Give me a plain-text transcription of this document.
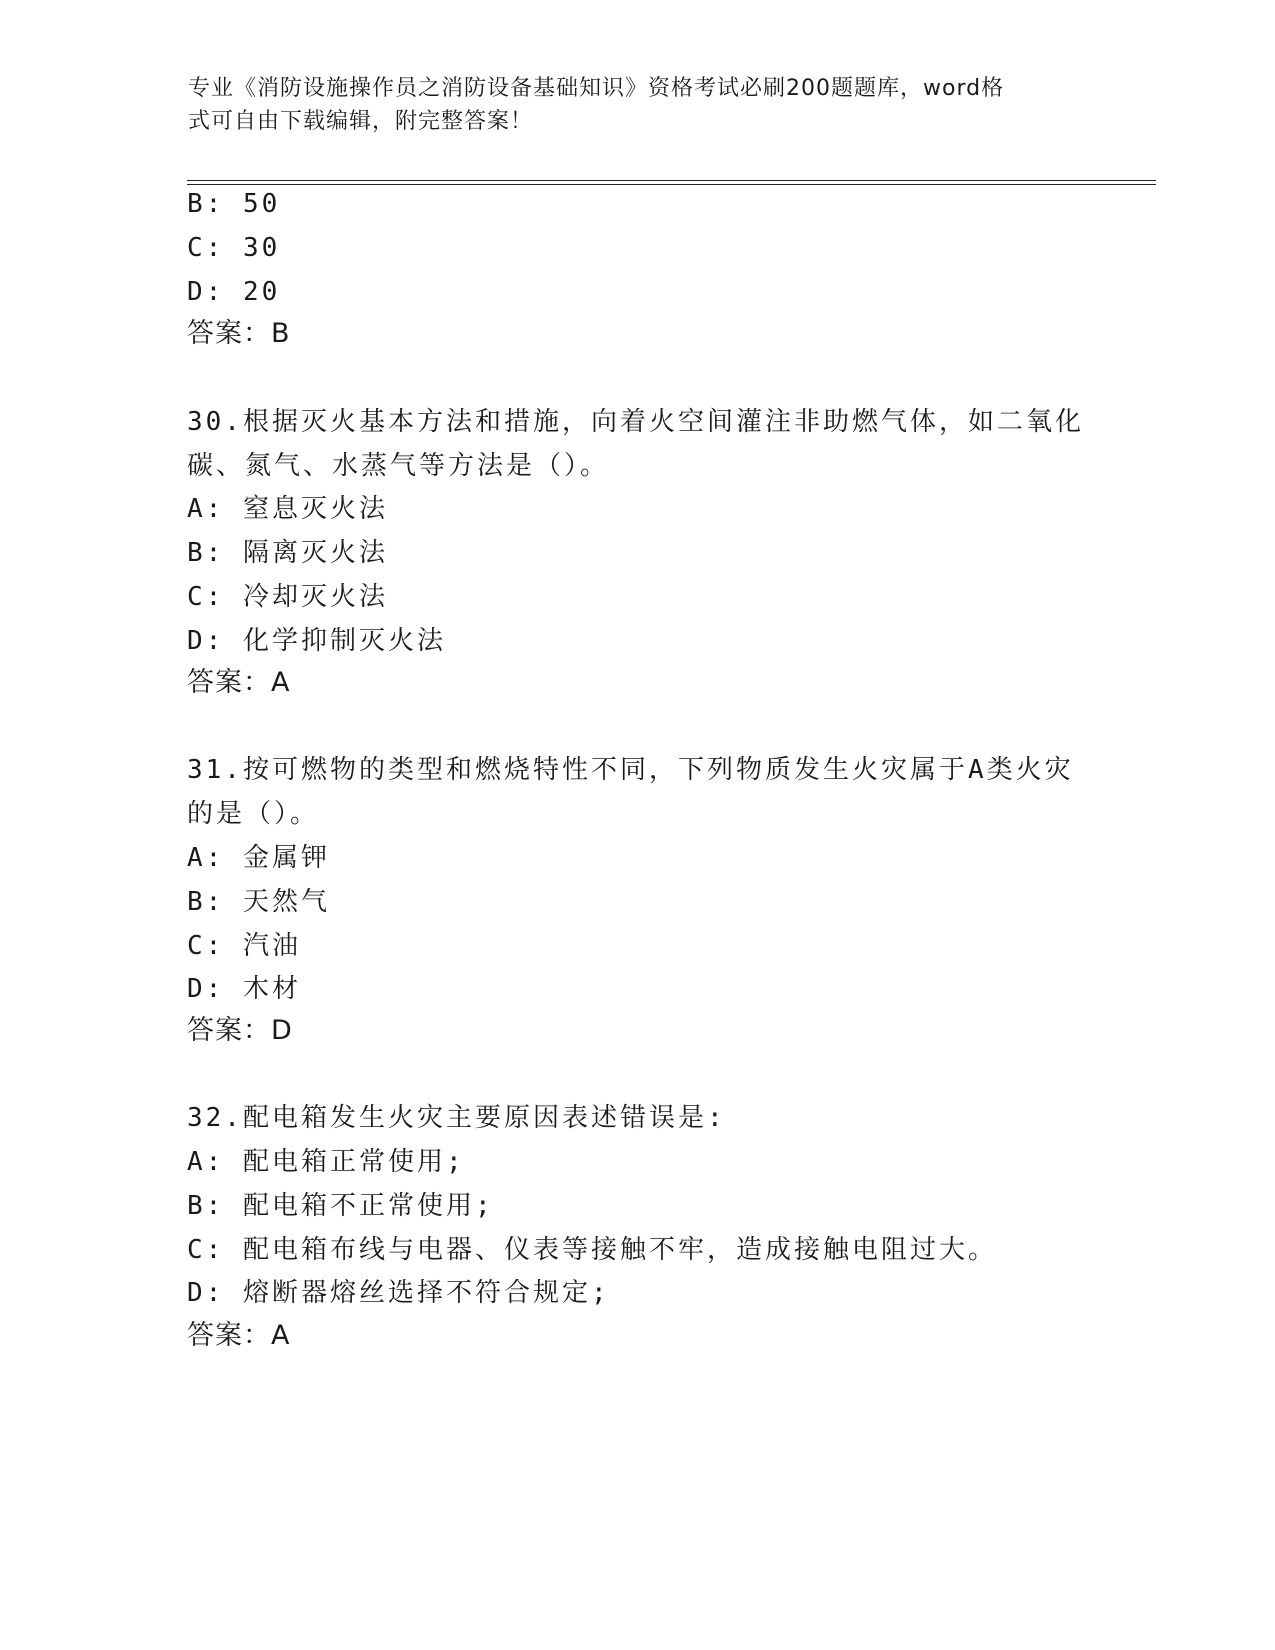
专业《消防设施操作员之消防设备基础知识》资格考试必刷200题题库，word格
式可自由下载编辑，附完整答案！
B: 50
C: 30
D: 20
答案：B
30.根据灭火基本方法和措施，向着火空间灌注非助燃气体，如二氧化
碳、氮气、水蒸气等方法是（）。
A: 窒息灭火法
B: 隔离灭火法
C: 冷却灭火法
D: 化学抑制灭火法
答案：A
31.按可燃物的类型和燃烧特性不同，下列物质发生火灾属于A类火灾
的是（）。
A: 金属钾
B: 天然气
C: 汽油
D: 木材
答案：D
32.配电箱发生火灾主要原因表述错误是:
A: 配电箱正常使用;
B: 配电箱不正常使用;
C: 配电箱布线与电器、仪表等接触不牢，造成接触电阻过大。
D: 熔断器熔丝选择不符合规定;
答案：A
